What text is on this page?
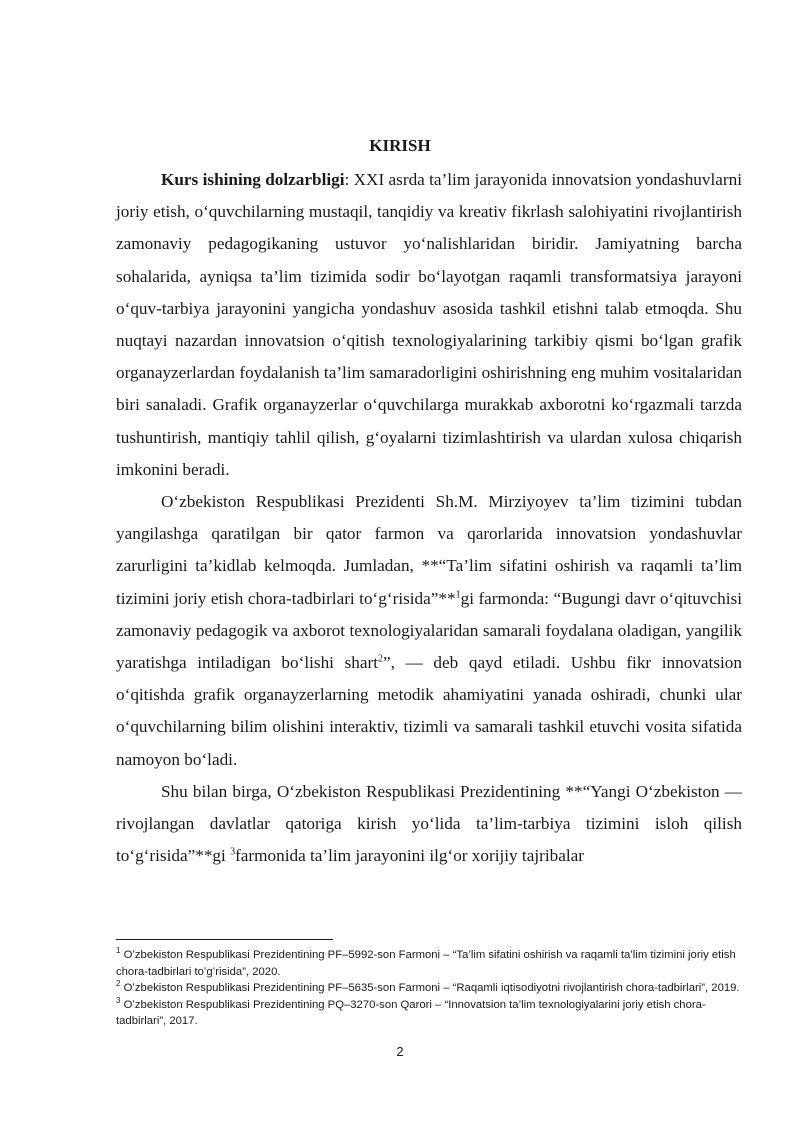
KIRISH

Kurs ishining dolzarbligi: XXI asrda ta’lim jarayonida innovatsion yondashuvlarni joriy etish, oʻquvchilarning mustaqil, tanqidiy va kreativ fikrlash salohiyatini rivojlantirish zamonaviy pedagogikaning ustuvor yoʻnalishlaridan biridir. Jamiyatning barcha sohalarida, ayniqsa ta’lim tizimida sodir boʻlayotgan raqamli transformatsiya jarayoni oʻquv-tarbiya jarayonini yangicha yondashuv asosida tashkil etishni talab etmoqda. Shu nuqtayi nazardan innovatsion oʻqitish texnologiyalarining tarkibiy qismi boʻlgan grafik organayzerlardan foydalanish ta’lim samaradorligini oshirishning eng muhim vositalaridan biri sanaladi. Grafik organayzerlar oʻquvchilarga murakkab axborotni koʻrgazmali tarzda tushuntirish, mantiqiy tahlil qilish, gʻoyalarni tizimlashtirish va ulardan xulosa chiqarish imkonini beradi.

Oʻzbekiston Respublikasi Prezidenti Sh.M. Mirziyoyev ta’lim tizimini tubdan yangilashga qaratilgan bir qator farmon va qarorlarida innovatsion yondashuvlar zarurligini ta’kidlab kelmoqda. Jumladan, **“Ta’lim sifatini oshirish va raqamli ta’lim tizimini joriy etish chora-tadbirlari toʻgʻrisida”**$^1$gi farmonda: “Bugungi davr oʻqituvchisi zamonaviy pedagogik va axborot texnologiyalaridan samarali foydalana oladigan, yangilik yaratishga intiladigan boʻlishi shart$^2$”, — deb qayd etiladi. Ushbu fikr innovatsion oʻqitishda grafik organayzerlarning metodik ahamiyatini yanada oshiradi, chunki ular oʻquvchilarning bilim olishini interaktiv, tizimli va samarali tashkil etuvchi vosita sifatida namoyon boʻladi.

Shu bilan birga, Oʻzbekiston Respublikasi Prezidentining **“Yangi Oʻzbekiston — rivojlangan davlatlar qatoriga kirish yoʻlida ta’lim-tarbiya tizimini isloh qilish toʻgʻrisida”**gi $^3$farmonida ta’lim jarayonini ilgʻor xorijiy tajribalar

$^1$ Oʻzbekiston Respublikasi Prezidentining PF–5992-son Farmoni – “Ta’lim sifatini oshirish va raqamli ta’lim tizimini joriy etish chora-tadbirlari toʻgʻrisida”, 2020.
$^2$ Oʻzbekiston Respublikasi Prezidentining PF–5635-son Farmoni – “Raqamli iqtisodiyotni rivojlantirish chora-tadbirlari”, 2019.
$^3$ Oʻzbekiston Respublikasi Prezidentining PQ–3270-son Qarori – “Innovatsion ta’lim texnologiyalarini joriy etish chora-tadbirlari”, 2017.
2
